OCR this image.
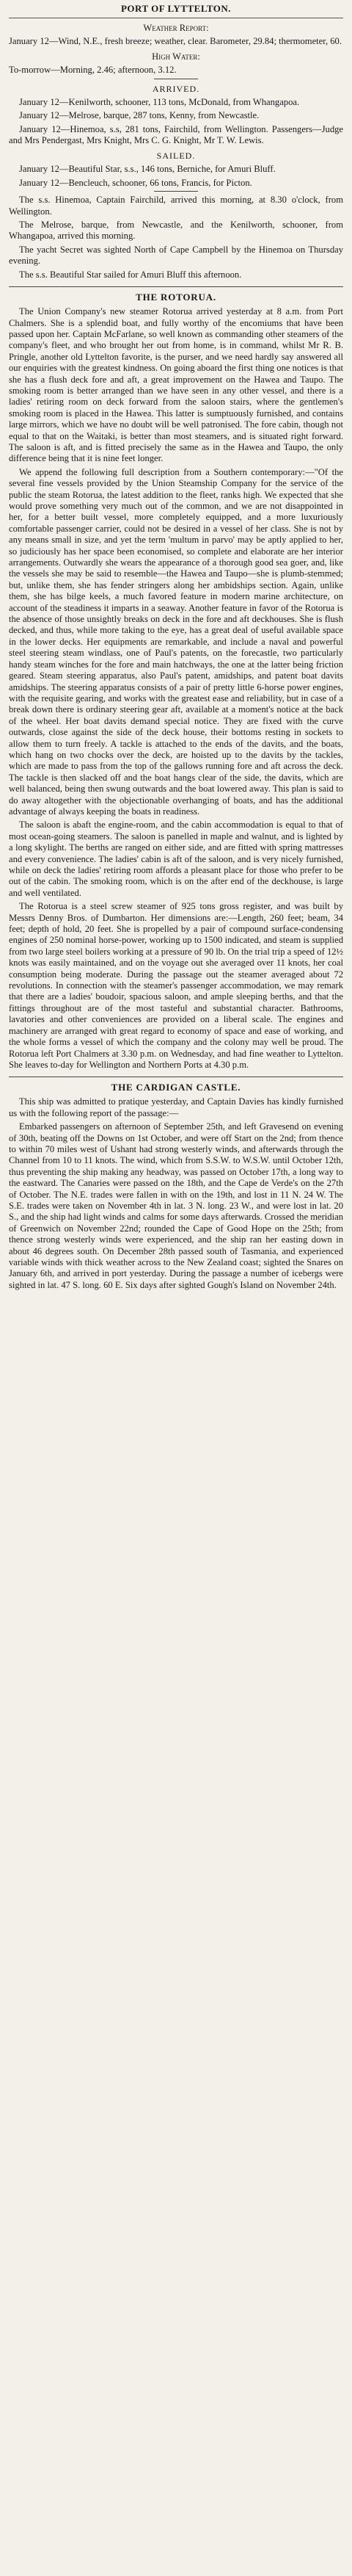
PORT OF LYTTELTON.
Weather Report:

January 12—Wind, N.E., fresh breeze; weather, clear. Barometer, 29.84; thermometer, 60.

High Water:

To-morrow—Morning, 2.46; afternoon, 3.12.

ARRIVED.

January 12—Kenilworth, schooner, 113 tons, McDonald, from Whangapoa.

January 12—Melrose, barque, 287 tons, Kenny, from Newcastle.

January 12—Hinemoa, s.s, 281 tons, Fairchild, from Wellington. Passengers—Judge and Mrs Pendergast, Mrs Knight, Mrs C. G. Knight, Mr T. W. Lewis.

SAILED.

January 12—Beautiful Star, s.s., 146 tons, Berniche, for Amuri Bluff.

January 12—Bencleuch, schooner, 66 tons, Francis, for Picton.

The s.s. Hinemoa, Captain Fairchild, arrived this morning, at 8.30 o'clock, from Wellington.

The Melrose, barque, from Newcastle, and the Kenilworth, schooner, from Whangapoa, arrived this morning.

The yacht Secret was sighted North of Cape Campbell by the Hinemoa on Thursday evening.

The s.s. Beautiful Star sailed for Amuri Bluff this afternoon.

THE ROTORUA.

The Union Company's new steamer Rotorua arrived yesterday at 8 a.m. from Port Chalmers. She is a splendid boat, and fully worthy of the encomiums that have been passed upon her. Captain McFarlane, so well known as commanding other steamers of the company's fleet, and who brought her out from home, is in command, whilst Mr R. B. Pringle, another old Lyttelton favorite, is the purser, and we need hardly say answered all our enquiries with the greatest kindness. On going aboard the first thing one notices is that she has a flush deck fore and aft, a great improvement on the Hawea and Taupo. The smoking room is better arranged than we have seen in any other vessel, and there is a ladies' retiring room on deck forward from the saloon stairs, where the gentlemen's smoking room is placed in the Hawea. This latter is sumptuously furnished, and contains large mirrors, which we have no doubt will be well patronised. The fore cabin, though not equal to that on the Waitaki, is better than most steamers, and is situated right forward. The saloon is aft, and is fitted precisely the same as in the Hawea and Taupo, the only difference being that it is nine feet longer.

We append the following full description from a Southern contemporary:—"Of the several fine vessels provided by the Union Steamship Company for the service of the public the steam Rotorua, the latest addition to the fleet, ranks high. We expected that she would prove something very much out of the common, and we are not disappointed in her, for a better built vessel, more completely equipped, and a more luxuriously comfortable passenger carrier, could not be desired in a vessel of her class. She is not by any means small in size, and yet the term 'multum in parvo' may be aptly applied to her, so judiciously has her space been economised, so complete and elaborate are her interior arrangements. Outwardly she wears the appearance of a thorough good sea goer, and, like the vessels she may be said to resemble—the Hawea and Taupo—she is plumb-stemmed; but, unlike them, she has fender stringers along her ambidships section. Again, unlike them, she has bilge keels, a much favored feature in modern marine architecture, on account of the steadiness it imparts in a seaway. Another feature in favor of the Rotorua is the absence of those unsightly breaks on deck in the fore and aft deckhouses. She is flush decked, and thus, while more taking to the eye, has a great deal of useful available space in the lower decks. Her equipments are remarkable, and include a naval and powerful steel steering steam windlass, one of Paul's patents, on the forecastle, two particularly handy steam winches for the fore and main hatchways, the one at the latter being friction geared. Steam steering apparatus, also Paul's patent, amidships, and patent boat davits amidships. The steering apparatus consists of a pair of pretty little 6-horse power engines, with the requisite gearing, and works with the greatest ease and reliability, but in case of a break down there is ordinary steering gear aft, available at a moment's notice at the back of the wheel. Her boat davits demand special notice. They are fixed with the curve outwards, close against the side of the deck house, their bottoms resting in sockets to allow them to turn freely. A tackle is attached to the ends of the davits, and the boats, which hang on two chocks over the deck, are hoisted up to the davits by the tackles, which are made to pass from the top of the gallows running fore and aft across the deck. The tackle is then slacked off and the boat hangs clear of the side, the davits, which are well balanced, being then swung outwards and the boat lowered away. This plan is said to do away altogether with the objectionable overhanging of boats, and has the additional advantage of always keeping the boats in readiness.

The saloon is abaft the engine-room, and the cabin accommodation is equal to that of most ocean-going steamers. The saloon is panelled in maple and walnut, and is lighted by a long skylight. The berths are ranged on either side, and are fitted with spring mattresses and every convenience. The ladies' cabin is aft of the saloon, and is very nicely furnished, while on deck the ladies' retiring room affords a pleasant place for those who prefer to be out of the cabin. The smoking room, which is on the after end of the deckhouse, is large and well ventilated.

The Rotorua is a steel screw steamer of 925 tons gross register, and was built by Messrs Denny Bros. of Dumbarton. Her dimensions are:—Length, 260 feet; beam, 34 feet; depth of hold, 20 feet. She is propelled by a pair of compound surface-condensing engines of 250 nominal horse-power, working up to 1500 indicated, and steam is supplied from two large steel boilers working at a pressure of 90 lb. On the trial trip a speed of 12½ knots was easily maintained, and on the voyage out she averaged over 11 knots, her coal consumption being moderate. During the passage out the steamer averaged about 72 revolutions. In connection with the steamer's passenger accommodation, we may remark that there are a ladies' boudoir, spacious saloon, and ample sleeping berths, and that the fittings throughout are of the most tasteful and substantial character. Bathrooms, lavatories and other conveniences are provided on a liberal scale. The engines and machinery are arranged with great regard to economy of space and ease of working, and the whole forms a vessel of which the company and the colony may well be proud. The Rotorua left Port Chalmers at 3.30 p.m. on Wednesday, and had fine weather to Lyttelton. She leaves to-day for Wellington and Northern Ports at 4.30 p.m.

THE CARDIGAN CASTLE.

This ship was admitted to pratique yesterday, and Captain Davies has kindly furnished us with the following report of the passage:—

Embarked passengers on afternoon of September 25th, and left Gravesend on evening of 30th, beating off the Downs on 1st October, and were off Start on the 2nd; from thence to within 70 miles west of Ushant had strong westerly winds, and afterwards through the Channel from 10 to 11 knots. The wind, which from S.S.W. to W.S.W. until October 12th, thus preventing the ship making any headway, was passed on October 17th, a long way to the eastward. The Canaries were passed on the 18th, and the Cape de Verde's on the 27th of October. The N.E. trades were fallen in with on the 19th, and lost in 11 N. 24 W. The S.E. trades were taken on November 4th in lat. 3 N. long. 23 W., and were lost in lat. 20 S., and the ship had light winds and calms for some days afterwards. Crossed the meridian of Greenwich on November 22nd; rounded the Cape of Good Hope on the 25th; from thence strong westerly winds were experienced, and the ship ran her easting down in about 46 degrees south. On December 28th passed south of Tasmania, and experienced variable winds with thick weather across to the New Zealand coast; sighted the Snares on January 6th, and arrived in port yesterday. During the passage a number of icebergs were sighted in lat. 47 S. long. 60 E. Six days after sighted Gough's Island on November 24th.
